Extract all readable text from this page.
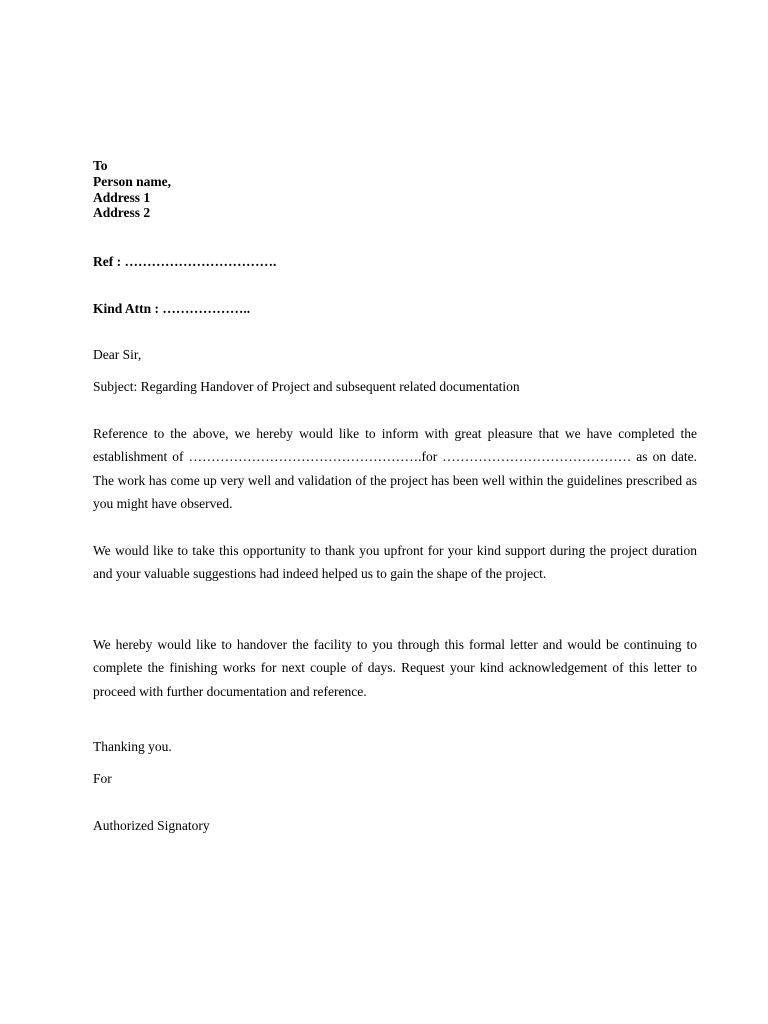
To
Person name,
Address 1
Address 2
Ref : …………………………….
Kind Attn : ………………..
Dear Sir,
Subject: Regarding Handover of Project and subsequent related documentation
Reference to the above, we hereby would like to inform with great pleasure that we have completed the establishment of …………………………………………….for …………………………………… as on date. The work has come up very well and validation of the project has been well within the guidelines prescribed as you might have observed.
We would like to take this opportunity to thank you upfront for your kind support during the project duration and your valuable suggestions had indeed helped us to gain the shape of the project.
We hereby would like to handover the facility to you through this formal letter and would be continuing to complete the finishing works for next couple of days. Request your kind acknowledgement of this letter to proceed with further documentation and reference.
Thanking you.
For
Authorized Signatory
